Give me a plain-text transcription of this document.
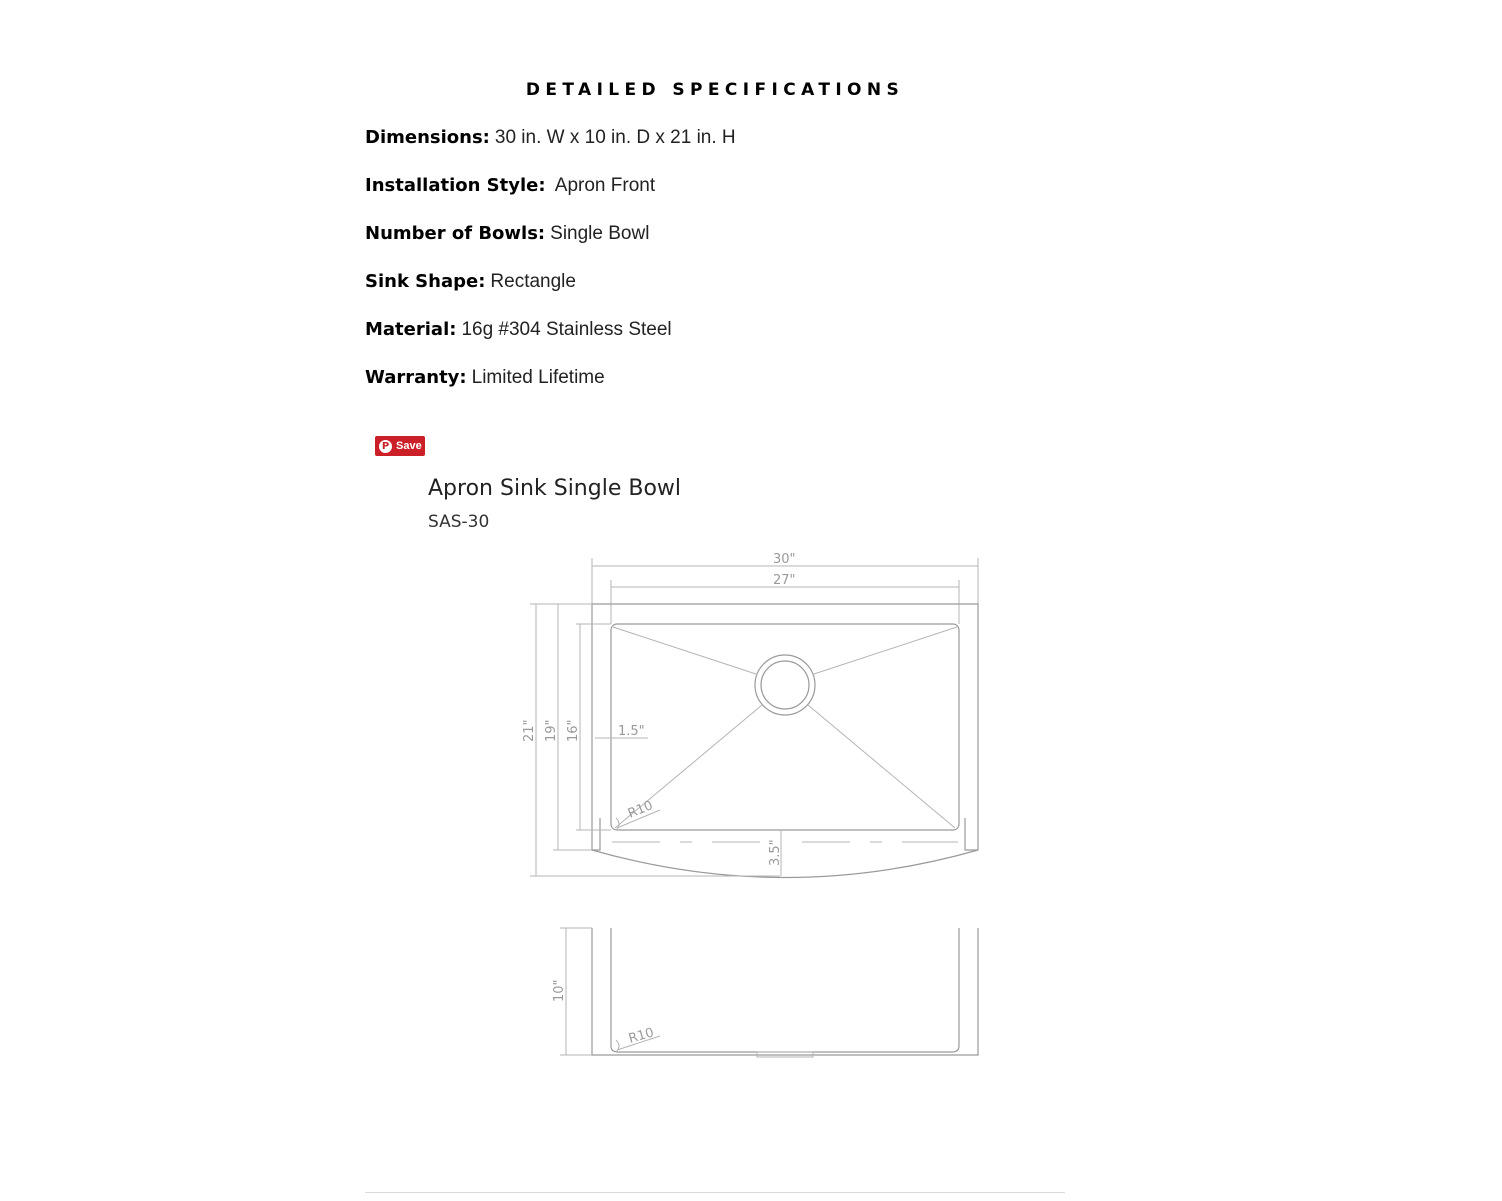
DETAILED SPECIFICATIONS
Dimensions: 30 in. W x 10 in. D x 21 in. H
Installation Style: Apron Front
Number of Bowls: Single Bowl
Sink Shape: Rectangle
Material: 16g #304 Stainless Steel
Warranty: Limited Lifetime
P Save
Apron Sink Single Bowl
SAS-30
30"
27"
21" 19" 16"	1.5"
R10
3.5"
10"
R10
